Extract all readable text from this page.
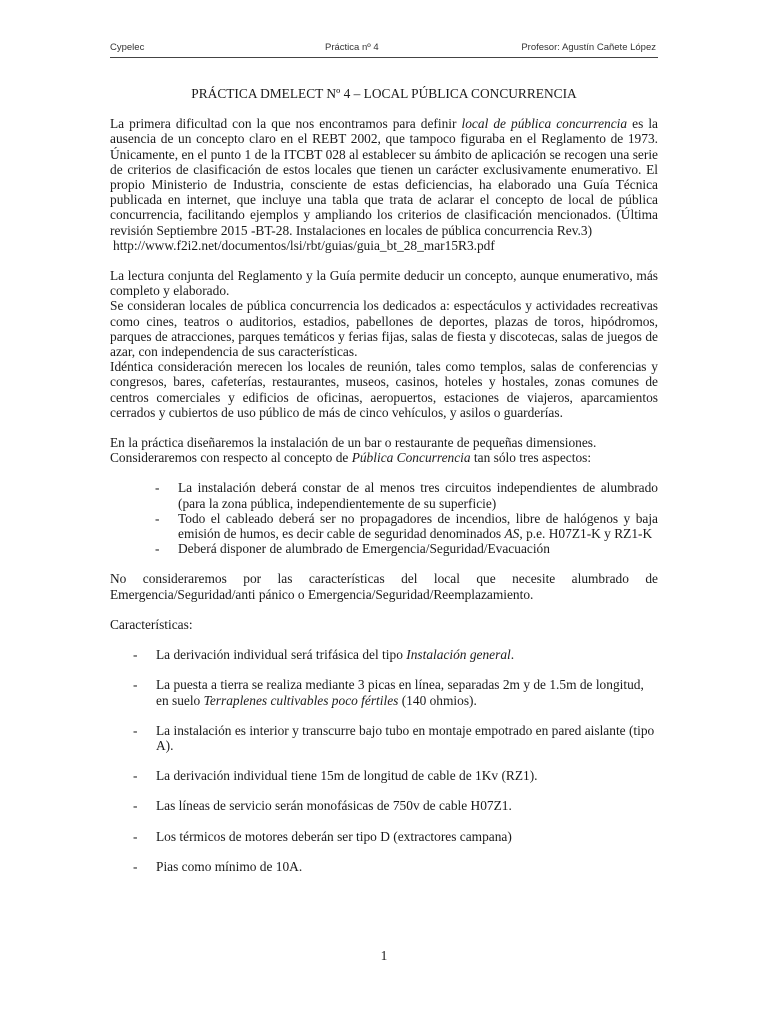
Cypelec	Práctica nº 4	Profesor: Agustín Cañete López
PRÁCTICA DMELECT Nº 4 – LOCAL PÚBLICA CONCURRENCIA

La primera dificultad con la que nos encontramos para definir local de pública concurrencia es la ausencia de un concepto claro en el REBT 2002, que tampoco figuraba en el Reglamento de 1973. Únicamente, en el punto 1 de la ITCBT 028 al establecer su ámbito de aplicación se recogen una serie de criterios de clasificación de estos locales que tienen un carácter exclusivamente enumerativo. El propio Ministerio de Industria, consciente de estas deficiencias, ha elaborado una Guía Técnica publicada en internet, que incluye una tabla que trata de aclarar el concepto de local de pública concurrencia, facilitando ejemplos y ampliando los criterios de clasificación mencionados. (Última revisión Septiembre 2015 -BT-28. Instalaciones en locales de pública concurrencia Rev.3)

http://www.f2i2.net/documentos/lsi/rbt/guias/guia_bt_28_mar15R3.pdf

La lectura conjunta del Reglamento y la Guía permite deducir un concepto, aunque enumerativo, más completo y elaborado.

Se consideran locales de pública concurrencia los dedicados a: espectáculos y actividades recreativas como cines, teatros o auditorios, estadios, pabellones de deportes, plazas de toros, hipódromos, parques de atracciones, parques temáticos y ferias fijas, salas de fiesta y discotecas, salas de juegos de azar, con independencia de sus características.

Idéntica consideración merecen los locales de reunión, tales como templos, salas de conferencias y congresos, bares, cafeterías, restaurantes, museos, casinos, hoteles y hostales, zonas comunes de centros comerciales y edificios de oficinas, aeropuertos, estaciones de viajeros, aparcamientos cerrados y cubiertos de uso público de más de cinco vehículos, y asilos o guarderías.

En la práctica diseñaremos la instalación de un bar o restaurante de pequeñas dimensiones.

Consideraremos con respecto al concepto de Pública Concurrencia tan sólo tres aspectos:

- La instalación deberá constar de al menos tres circuitos independientes de alumbrado (para la zona pública, independientemente de su superficie)
- Todo el cableado deberá ser no propagadores de incendios, libre de halógenos y baja emisión de humos, es decir cable de seguridad denominados AS, p.e. H07Z1-K y RZ1-K
- Deberá disponer de alumbrado de Emergencia/Seguridad/Evacuación

No consideraremos por las características del local que necesite alumbrado de Emergencia/Seguridad/anti pánico o Emergencia/Seguridad/Reemplazamiento.

Características:

- La derivación individual será trifásica del tipo Instalación general.
- La puesta a tierra se realiza mediante 3 picas en línea, separadas 2m y de 1.5m de longitud, en suelo Terraplenes cultivables poco fértiles (140 ohmios).
- La instalación es interior y transcurre bajo tubo en montaje empotrado en pared aislante (tipo A).
- La derivación individual tiene 15m de longitud de cable de 1Kv (RZ1).
- Las líneas de servicio serán monofásicas de 750v de cable H07Z1.
- Los térmicos de motores deberán ser tipo D (extractores campana)
- Pias como mínimo de 10A.
1
